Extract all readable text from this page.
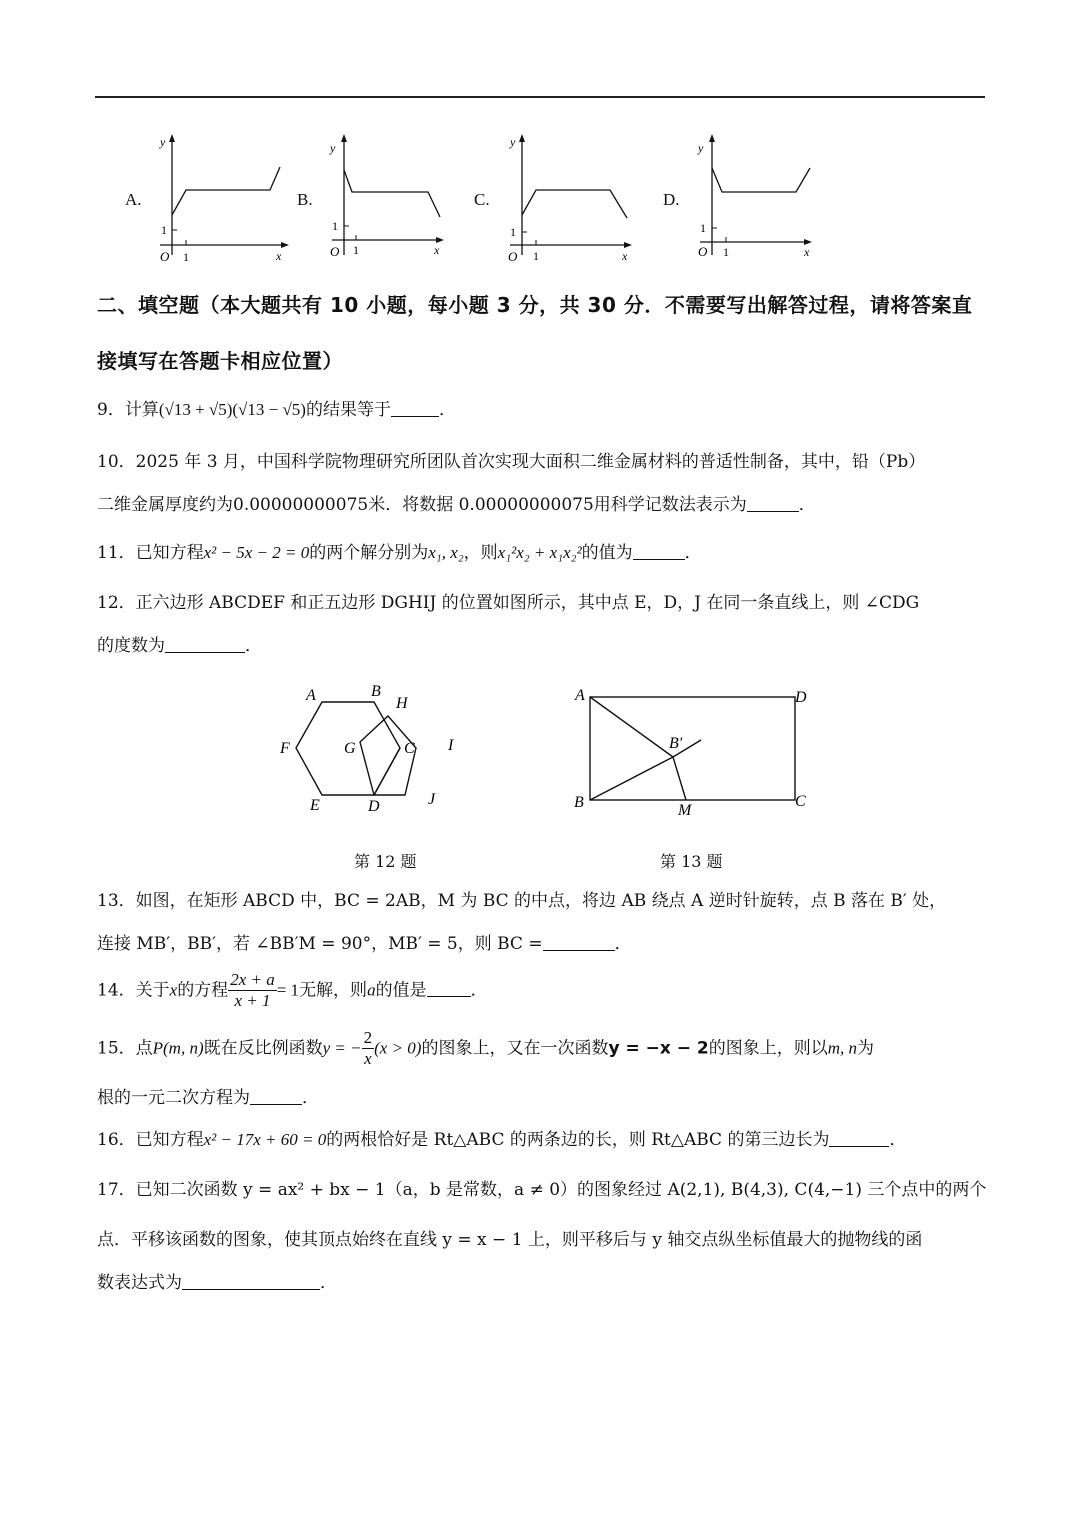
A.
y
x
O
1
1
B.
y
x
O
1
1
C.
y
x
O
1
1
D.
y
x
O
1
1
二、填空题（本大题共有 10 小题，每小题 3 分，共 30 分．不需要写出解答过程，请将答案直
接填写在答题卡相应位置）
9．计算(√13 + √5)(√13 − √5)的结果等于	．
10．2025 年 3 月，中国科学院物理研究所团队首次实现大面积二维金属材料的普适性制备，其中，铅（Pb）
二维金属厚度约为0.00000000075米．将数据 0.00000000075用科学记数法表示为	．
11．已知方程x² − 5x − 2 = 0的两个解分别为x₁, x₂，则x₁²x₂ + x₁x₂²的值为	．
12．正六边形 ABCDEF 和正五边形 DGHIJ 的位置如图所示，其中点 E，D，J 在同一条直线上，则 ∠CDG
的度数为	．
A	B
H
F	G	C I
E	D	J
第 12 题
A	D
B′
B	M
C
第 13 题
13．如图，在矩形 ABCD 中，BC = 2AB，M 为 BC 的中点，将边 AB 绕点 A 逆时针旋转，点 B 落在 B′ 处，
连接 MB′，BB′，若 ∠BB′M = 90°，MB′ = 5，则 BC =	．
14．关于x的方程 $\frac{2x + a}{x + 1} = 1$无解，则a的值是	．
15．点P(m, n)既在反比例函数y = − $\frac{2}{x} (x > 0)$的图象上，又在一次函数y = −x − 2的图象上，则以m, n为
根的一元二次方程为	．
16．已知方程x² − 17x + 60 = 0的两根恰好是 Rt△ABC 的两条边的长，则 Rt△ABC 的第三边长为	．
17．已知二次函数 y = ax² + bx − 1（a，b 是常数，a ≠ 0）的图象经过 A(2,1), B(4,3), C(4,−1) 三个点中的两个
点．平移该函数的图象，使其顶点始终在直线 y = x − 1 上，则平移后与 y 轴交点纵坐标值最大的抛物线的函
数表达式为	．
